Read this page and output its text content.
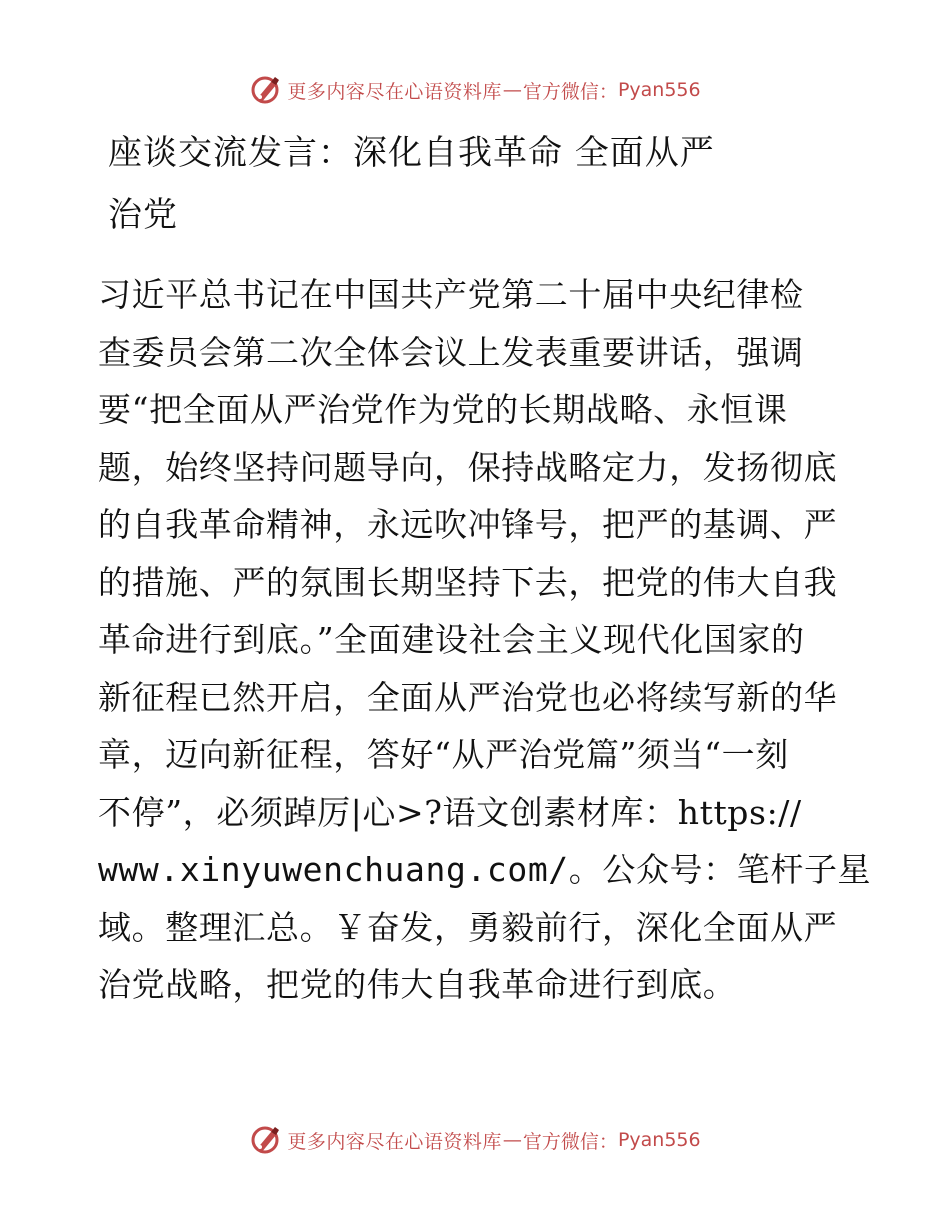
更多内容尽在心语资料库 — 官方微信： Pyan556
座谈交流发言：深化自我革命 全面从严
治党
习近平总书记在中国共产党第二十届中央纪律检
查委员会第二次全体会议上发表重要讲话，强调
要“把全面从严治党作为党的长期战略、永恒课
题，始终坚持问题导向，保持战略定力，发扬彻底
的自我革命精神，永远吹冲锋号，把严的基调、严
的措施、严的氛围长期坚持下去，把党的伟大自我
革命进行到底。”全面建设社会主义现代化国家的
新征程已然开启，全面从严治党也必将续写新的华
章，迈向新征程，答好“从严治党篇”须当“一刻
不停”，必须踔厉|心>?语文创素材库：https://
www.xinyuwenchuang.com/。公众号：笔杆子星
域。整理汇总。￥奋发，勇毅前行，深化全面从严
治党战略，把党的伟大自我革命进行到底。
更多内容尽在心语资料库 — 官方微信： Pyan556
